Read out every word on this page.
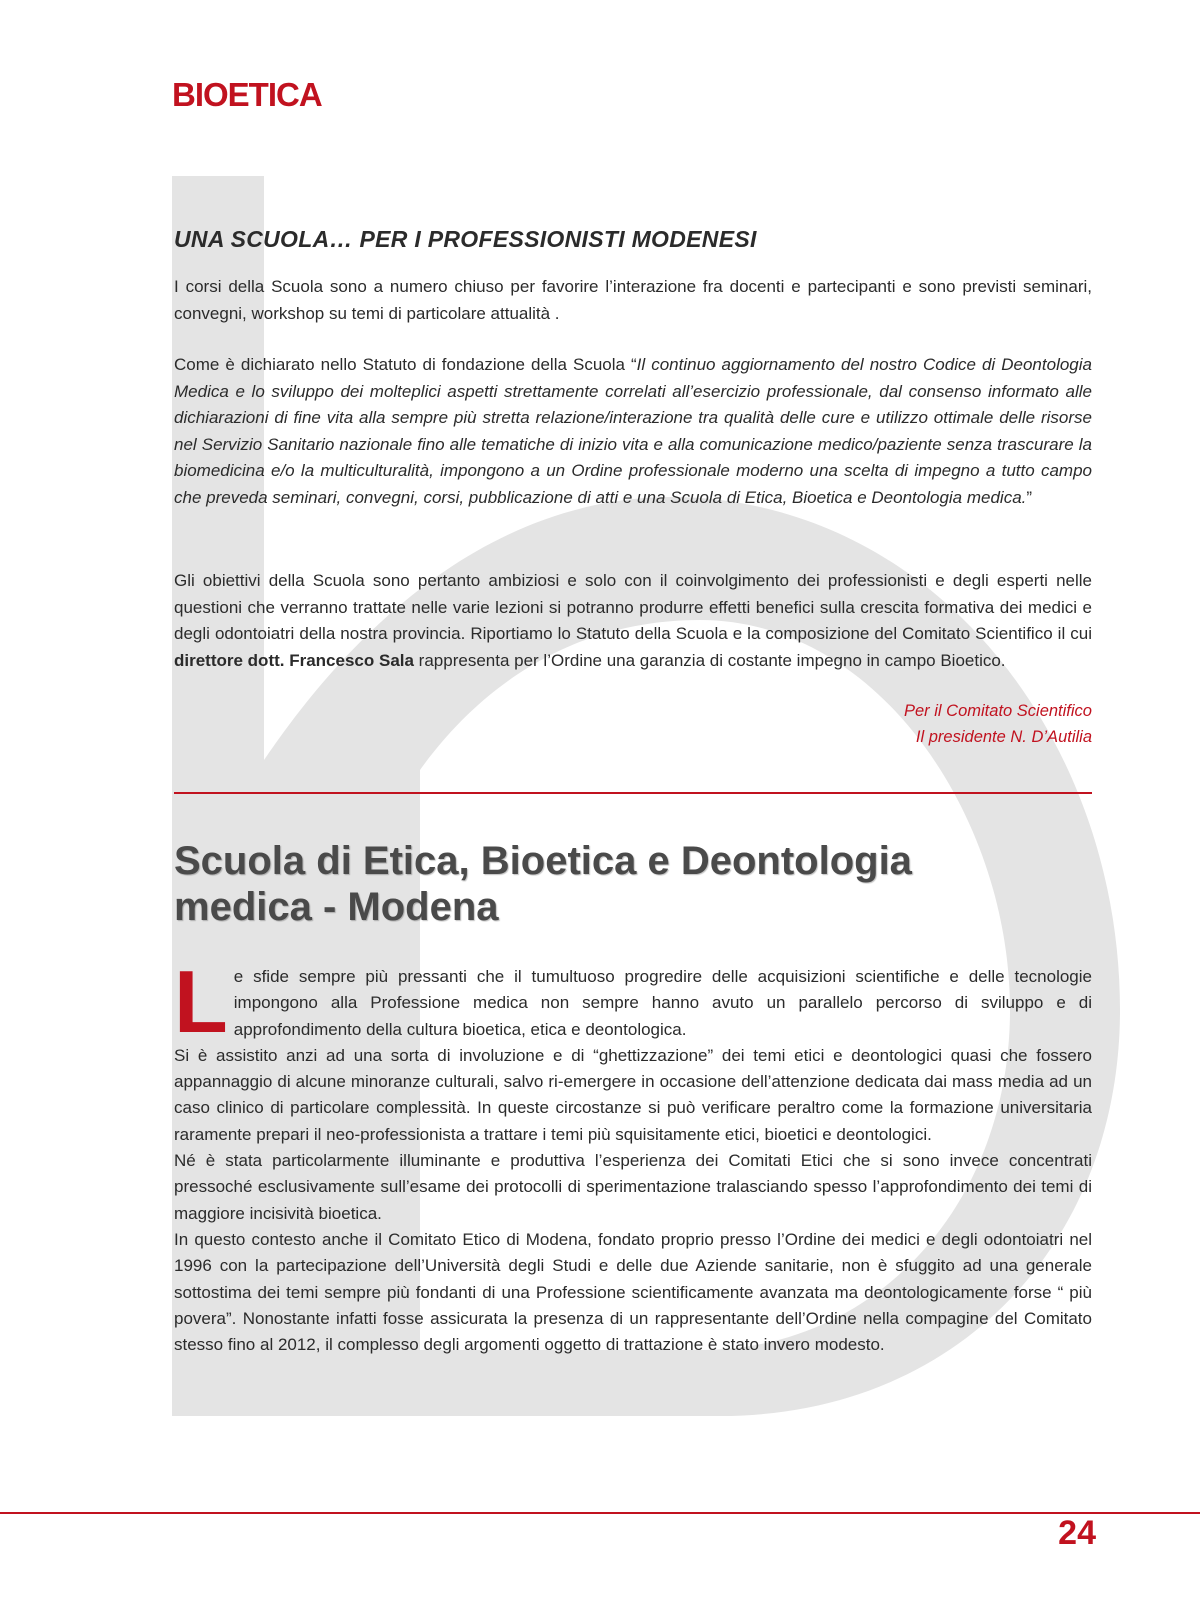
BIOETICA
UNA SCUOLA… PER I PROFESSIONISTI MODENESI

I corsi della Scuola sono a numero chiuso per favorire l’interazione fra docenti e partecipanti e sono previsti seminari, convegni, workshop su temi di particolare attualità .

Come è dichiarato nello Statuto di fondazione della Scuola “Il continuo aggiornamento del nostro Codice di Deontologia Medica e lo sviluppo dei molteplici aspetti strettamente correlati all’esercizio professionale, dal consenso informato alle dichiarazioni di fine vita alla sempre più stretta relazione/interazione tra qualità delle cure e utilizzo ottimale delle risorse nel Servizio Sanitario nazionale fino alle tematiche di inizio vita e alla comunicazione medico/paziente senza trascurare la biomedicina e/o la multiculturalità, impongono a un Ordine professionale moderno una scelta di impegno a tutto campo che preveda seminari, convegni, corsi, pubblicazione di atti e una Scuola di Etica, Bioetica e Deontologia medica.”

Gli obiettivi della Scuola sono pertanto ambiziosi e solo con il coinvolgimento dei professionisti e degli esperti nelle questioni che verranno trattate nelle varie lezioni si potranno produrre effetti benefici sulla crescita formativa dei medici e degli odontoiatri della nostra provincia. Riportiamo lo Statuto della Scuola e la composizione del Comitato Scientifico il cui direttore dott. Francesco Sala rappresenta per l’Ordine una garanzia di costante impegno in campo Bioetico.

Per il Comitato Scientifico
Il presidente N. D’Autilia
Scuola di Etica, Bioetica e Deontologia
medica - Modena

Le sfide sempre più pressanti che il tumultuoso progredire delle acquisizioni scientifiche e delle tecnologie impongono alla Professione medica non sempre hanno avuto un parallelo percorso di sviluppo e di approfondimento della cultura bioetica, etica e deontologica.

Si è assistito anzi ad una sorta di involuzione e di “ghettizzazione” dei temi etici e deontologici quasi che fossero appannaggio di alcune minoranze culturali, salvo ri-emergere in occasione dell’attenzione dedicata dai mass media ad un caso clinico di particolare complessità. In queste circostanze si può verificare peraltro come la formazione universitaria raramente prepari il neo-professionista a trattare i temi più squisitamente etici, bioetici e deontologici.

Né è stata particolarmente illuminante e produttiva l’esperienza dei Comitati Etici che si sono invece concentrati pressoché esclusivamente sull’esame dei protocolli di sperimentazione tralasciando spesso l’approfondimento dei temi di maggiore incisività bioetica.

In questo contesto anche il Comitato Etico di Modena, fondato proprio presso l’Ordine dei medici e degli odontoiatri nel 1996 con la partecipazione dell’Università degli Studi e delle due Aziende sanitarie, non è sfuggito ad una generale sottostima dei temi sempre più fondanti di una Professione scientificamente avanzata ma deontologicamente forse “ più povera”. Nonostante infatti fosse assicurata la presenza di un rappresentante dell’Ordine nella compagine del Comitato stesso fino al 2012, il complesso degli argomenti oggetto di trattazione è stato invero modesto.

24
